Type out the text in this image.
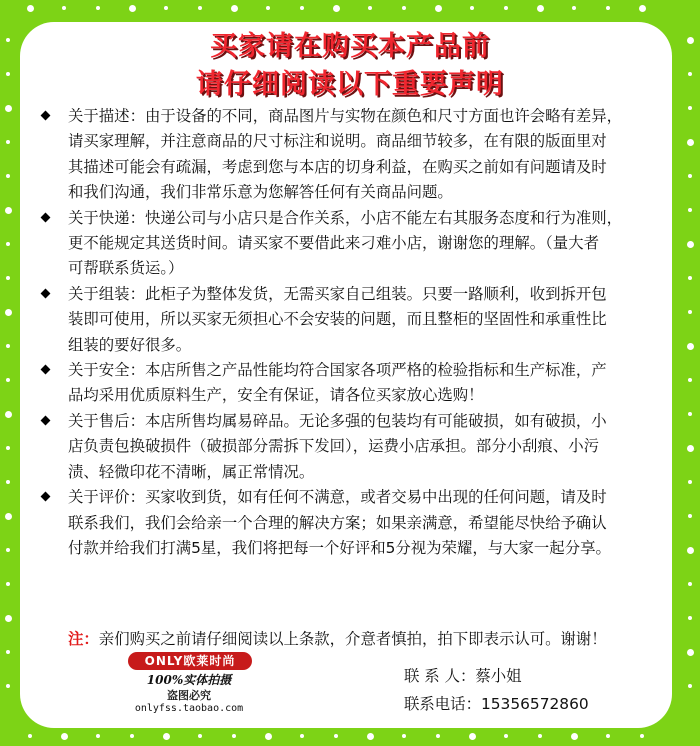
买家请在购买本产品前
请仔细阅读以下重要声明
关于描述：由于设备的不同，商品图片与实物在颜色和尺寸方面也许会略有差异，
请买家理解，并注意商品的尺寸标注和说明。商品细节较多，在有限的版面里对
其描述可能会有疏漏，考虑到您与本店的切身利益，在购买之前如有问题请及时
和我们沟通，我们非常乐意为您解答任何有关商品问题。
关于快递：快递公司与小店只是合作关系，小店不能左右其服务态度和行为准则，
更不能规定其送货时间。请买家不要借此来刁难小店，谢谢您的理解。（量大者
可帮联系货运。）
关于组装：此柜子为整体发货，无需买家自己组装。只要一路顺利，收到拆开包
装即可使用，所以买家无须担心不会安装的问题，而且整柜的坚固性和承重性比
组装的要好很多。
关于安全：本店所售之产品性能均符合国家各项严格的检验指标和生产标准，产
品均采用优质原料生产，安全有保证，请各位买家放心选购！
关于售后：本店所售均属易碎品。无论多强的包装均有可能破损，如有破损，小
店负责包换破损件（破损部分需拆下发回），运费小店承担。部分小刮痕、小污
渍、轻微印花不清晰，属正常情况。
关于评价：买家收到货，如有任何不满意，或者交易中出现的任何问题，请及时
联系我们，我们会给亲一个合理的解决方案；如果亲满意，希望能尽快给予确认
付款并给我们打满5星，我们将把每一个好评和5分视为荣耀，与大家一起分享。
注：亲们购买之前请仔细阅读以上条款，介意者慎拍，拍下即表示认可。谢谢！
ONLY欧莱时尚
100%实体拍摄
盗图必究
onlyfss.taobao.com
联 系 人：蔡小姐
联系电话：15356572860
